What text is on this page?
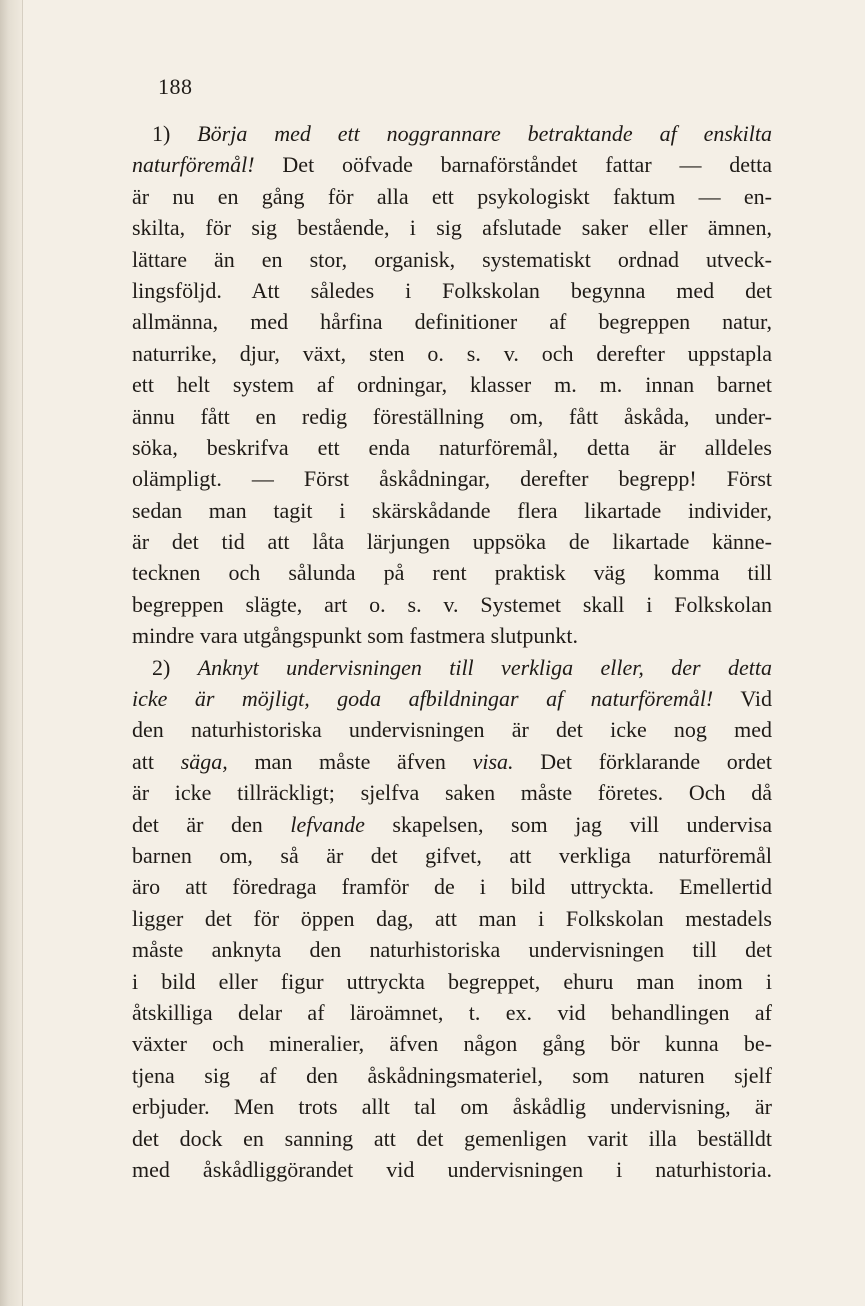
188
1) Börja med ett noggrannare betraktande af enskilta
naturföremål! Det oöfvade barnaförståndet fattar — detta
är nu en gång för alla ett psykologiskt faktum — en-
skilta, för sig bestående, i sig afslutade saker eller ämnen,
lättare än en stor, organisk, systematiskt ordnad utveck-
lingsföljd. Att således i Folkskolan begynna med det
allmänna, med hårfina definitioner af begreppen natur,
naturrike, djur, växt, sten o. s. v. och derefter uppstapla
ett helt system af ordningar, klasser m. m. innan barnet
ännu fått en redig föreställning om, fått åskåda, under-
söka, beskrifva ett enda naturföremål, detta är alldeles
olämpligt. — Först åskådningar, derefter begrepp! Först
sedan man tagit i skärskådande flera likartade individer,
är det tid att låta lärjungen uppsöka de likartade känne-
tecknen och sålunda på rent praktisk väg komma till
begreppen slägte, art o. s. v. Systemet skall i Folkskolan
mindre vara utgångspunkt som fastmera slutpunkt.
2) Anknyt undervisningen till verkliga eller, der detta
icke är möjligt, goda afbildningar af naturföremål! Vid
den naturhistoriska undervisningen är det icke nog med
att säga, man måste äfven visa. Det förklarande ordet
är icke tillräckligt; sjelfva saken måste företes. Och då
det är den lefvande skapelsen, som jag vill undervisa
barnen om, så är det gifvet, att verkliga naturföremål
äro att föredraga framför de i bild uttryckta. Emellertid
ligger det för öppen dag, att man i Folkskolan mestadels
måste anknyta den naturhistoriska undervisningen till det
i bild eller figur uttryckta begreppet, ehuru man inom i
åtskilliga delar af läroämnet, t. ex. vid behandlingen af
växter och mineralier, äfven någon gång bör kunna be-
tjena sig af den åskådningsmateriel, som naturen sjelf
erbjuder. Men trots allt tal om åskådlig undervisning, är
det dock en sanning att det gemenligen varit illa beställdt
med åskådliggörandet vid undervisningen i naturhistoria.
